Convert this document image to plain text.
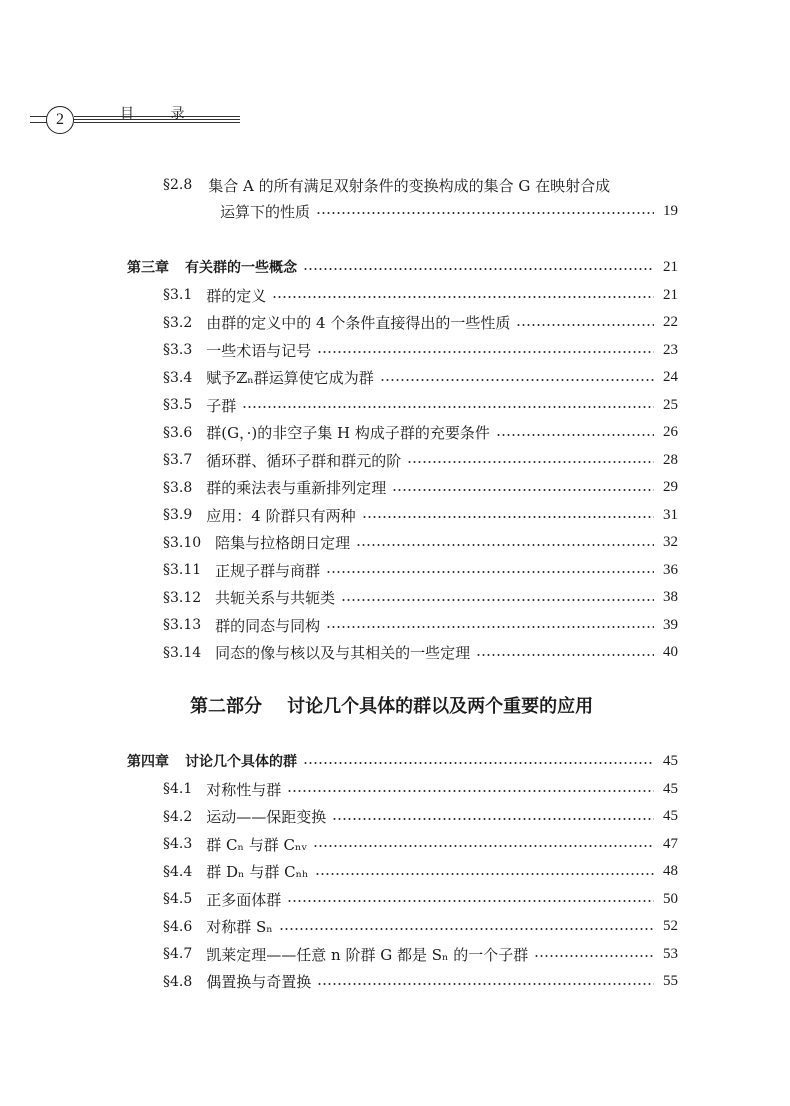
2	目 录
§2.8 集合 A 的所有满足双射条件的变换构成的集合 G 在映射合成
运算下的性质	19
第三章 有关群的一些概念	21
§3.1 群的定义	21
§3.2 由群的定义中的 4 个条件直接得出的一些性质	22
§3.3 一些术语与记号	23
§3.4 赋予ℤₙ群运算使它成为群	24
§3.5 子群	25
§3.6 群(G，·)的非空子集 H 构成子群的充要条件	26
§3.7 循环群、循环子群和群元的阶	28
§3.8 群的乘法表与重新排列定理	29
§3.9 应用：4 阶群只有两种	31
§3.10 陪集与拉格朗日定理	32
§3.11 正规子群与商群	36
§3.12 共轭关系与共轭类	38
§3.13 群的同态与同构	39
§3.14 同态的像与核以及与其相关的一些定理	40
第二部分 讨论几个具体的群以及两个重要的应用
第四章 讨论几个具体的群	45
§4.1 对称性与群	45
§4.2 运动——保距变换	45
§4.3 群 Cₙ 与群 Cₙᵥ	47
§4.4 群 Dₙ 与群 Cₙₕ	48
§4.5 正多面体群	50
§4.6 对称群 Sₙ	52
§4.7 凯莱定理——任意 n 阶群 G 都是 Sₙ 的一个子群	53
§4.8 偶置换与奇置换	55
